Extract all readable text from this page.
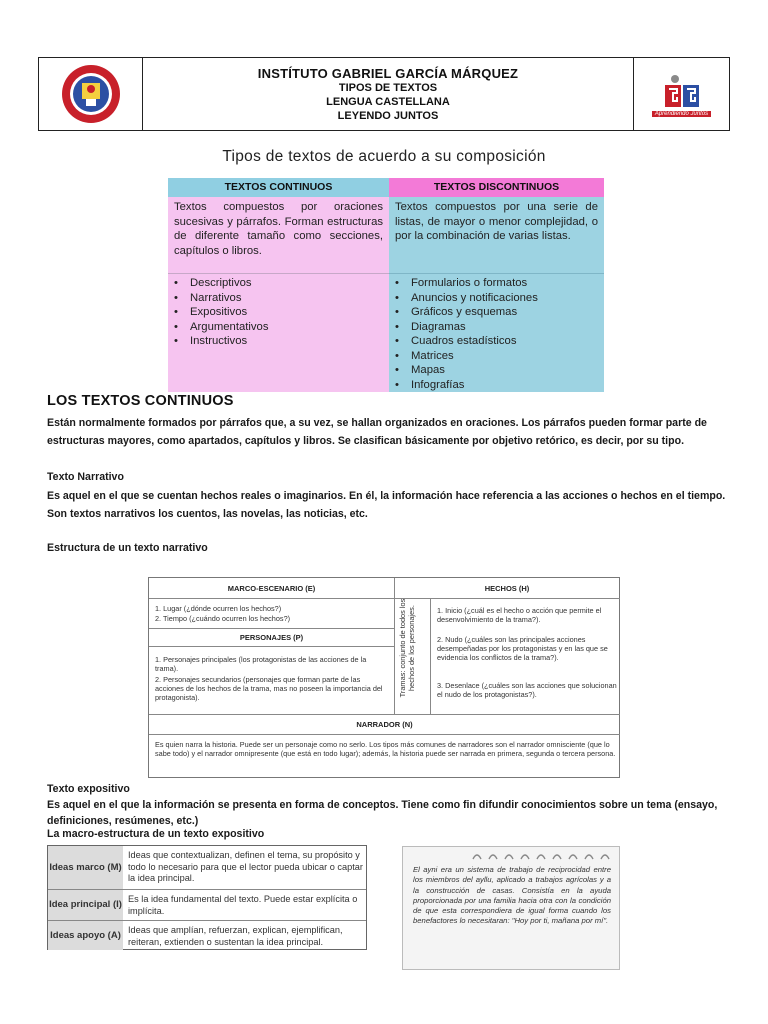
INSTÍTUTO GABRIEL GARCÍA MÁRQUEZ
TIPOS DE TEXTOS
LENGUA CASTELLANA
LEYENDO JUNTOS	Aprendiendo Juntos
Tipos de textos de acuerdo a su composición
TEXTOS CONTINUOS
Textos compuestos por oraciones sucesivas y párrafos. Forman estructuras de diferente tamaño como secciones, capítulos o libros.
• Descriptivos
• Narrativos
• Expositivos
• Argumentativos
• Instructivos
TEXTOS DISCONTINUOS
Textos compuestos por una serie de listas, de mayor o menor complejidad, o por la combinación de varias listas.
• Formularios o formatos
• Anuncios y notificaciones
• Gráficos y esquemas
• Diagramas
• Cuadros estadísticos
• Matrices
• Mapas
• Infografías
LOS TEXTOS CONTINUOS
Están normalmente formados por párrafos que, a su vez, se hallan organizados en oraciones. Los párrafos pueden formar parte de estructuras mayores, como apartados, capítulos y libros. Se clasifican básicamente por objetivo retórico, es decir, por su tipo.
Texto Narrativo
Es aquel en el que se cuentan hechos reales o imaginarios. En él, la información hace referencia a las acciones o hechos en el tiempo. Son textos narrativos los cuentos, las novelas, las noticias, etc.
Estructura de un texto narrativo
MARCO-ESCENARIO (E)
1. Lugar (¿dónde ocurren los hechos?)
2. Tiempo (¿cuándo ocurren los hechos?)
PERSONAJES (P)
1. Personajes principales (los protagonistas de las acciones de la trama).
2. Personajes secundarios (personajes que forman parte de las acciones de los hechos de la trama, mas no poseen la importancia del protagonista).
HECHOS (H)
Tramas: conjunto de todos los hechos de los personajes.	1. Inicio (¿cuál es el hecho o acción que permite el desenvolvimiento de la trama?).
2. Nudo (¿cuáles son las principales acciones desempeñadas por los protagonistas y en las que se evidencia los conflictos de la trama?).
3. Desenlace (¿cuáles son las acciones que solucionan el nudo de los protagonistas?).
NARRADOR (N)
Es quien narra la historia. Puede ser un personaje como no serlo. Los tipos más comunes de narradores son el narrador omnisciente (que lo sabe todo) y el narrador omnipresente (que está en todo lugar); además, la historia puede ser narrada en primera, segunda o tercera persona.
Texto expositivo
Es aquel en el que la información se presenta en forma de conceptos. Tiene como fin difundir conocimientos sobre un tema (ensayo, definiciones, resúmenes, etc.)
La macro-estructura de un texto expositivo
Ideas marco (M)
Ideas que contextualizan, definen el tema, su propósito y todo lo necesario para que el lector pueda ubicar o captar la idea principal.
Idea principal (I)
Es la idea fundamental del texto. Puede estar explícita o implícita.
Ideas apoyo (A) Ideas que amplían, refuerzan, explican, ejemplifican, reiteran, extienden o sustentan la idea principal.
El ayni era un sistema de trabajo de reciprocidad entre los miembros del ayllu, aplicado a trabajos agrícolas y a la construcción de casas. Consistía en la ayuda proporcionada por una familia hacia otra con la condición de que esta correspondiera de igual forma cuando los benefactores lo necesitaran: "Hoy por ti, mañana por mí".
